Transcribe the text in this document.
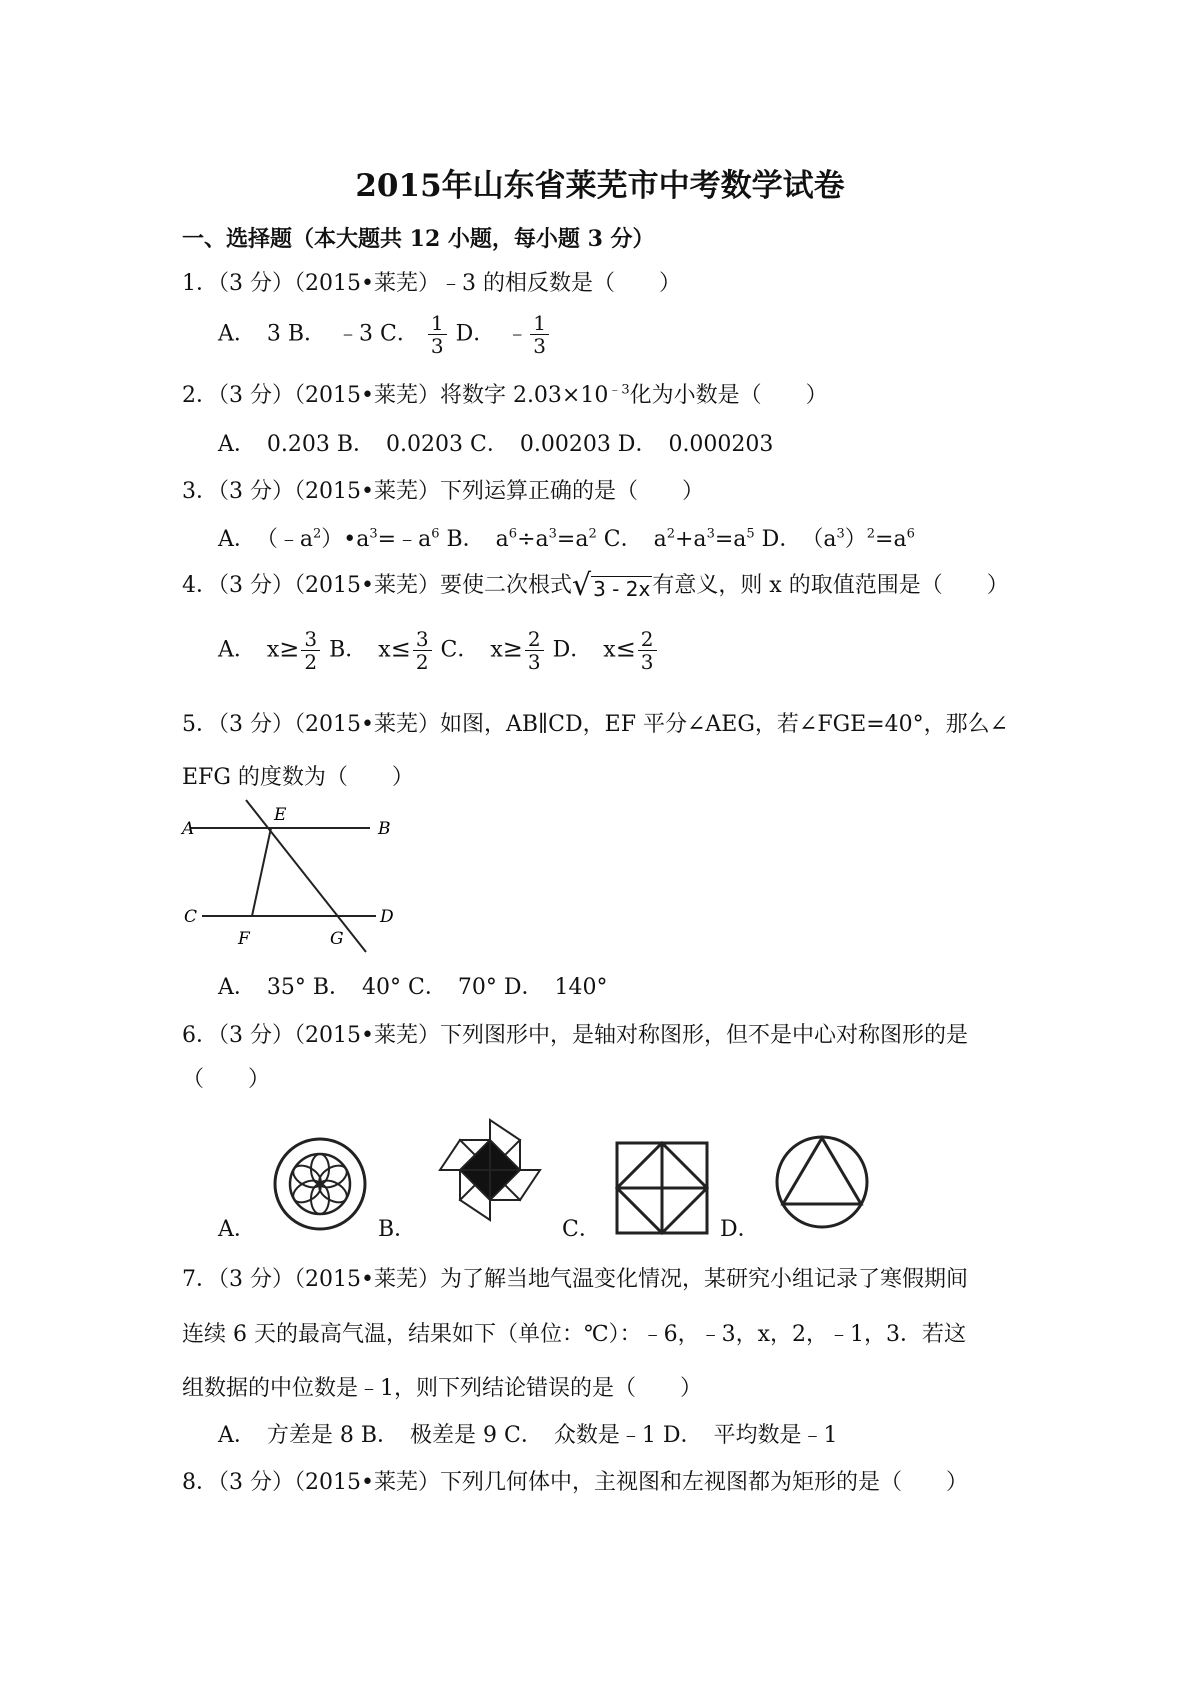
2015年山东省莱芜市中考数学试卷
一、选择题（本大题共 12 小题，每小题 3 分）
1．（3 分）（2015•莱芜）﹣3 的相反数是（　　）
A．　3 B．　﹣3 C． $\frac{1}{3}$ D．　﹣ $\frac{1}{3}$
2．（3 分）（2015•莱芜）将数字 $2.03\times 10^{﹣3}$化为小数是（　　）
A．　0.203 B．　0.0203 C．　0.00203 D．　0.000203
3．（3 分）（2015•莱芜）下列运算正确的是（　　）
A．　$(﹣a^2)•a^3=﹣a^6$ B．　$a^6\div a^3=a^2$ C．　$a^2+a^3=a^5$ D．　$(a^3)^2=a^6$
4．（3 分）（2015•莱芜）要使二次根式 √ 3 - 2x 有意义，则 x 的取值范围是（　　）
A．　$x\ge \frac{3}{2}$ B．　$x\le \frac{3}{2}$ C．　$x\ge \frac{2}{3}$ D．　$x\le \frac{2}{3}$
5．（3 分）（2015•莱芜）如图，AB∥CD，EF 平分∠AEG，若∠FGE=40°，那么∠
EFG 的度数为（　　）
A
E
B
C
F	G
D
A．　35° B．　40° C．　70° D．　140°
6．（3 分）（2015•莱芜）下列图形中，是轴对称图形，但不是中心对称图形的是
（　　）
A．	B．	C．	D．
7．（3 分）（2015•莱芜）为了解当地气温变化情况，某研究小组记录了寒假期间
连续 6 天的最高气温，结果如下（单位：℃）：﹣6，﹣3，x，2，﹣1，3．若这
组数据的中位数是﹣1，则下列结论错误的是（　　）
A．　方差是 8 B．　极差是 9 C．　众数是﹣1 D．　平均数是﹣1
8．（3 分）（2015•莱芜）下列几何体中，主视图和左视图都为矩形的是（　　）
